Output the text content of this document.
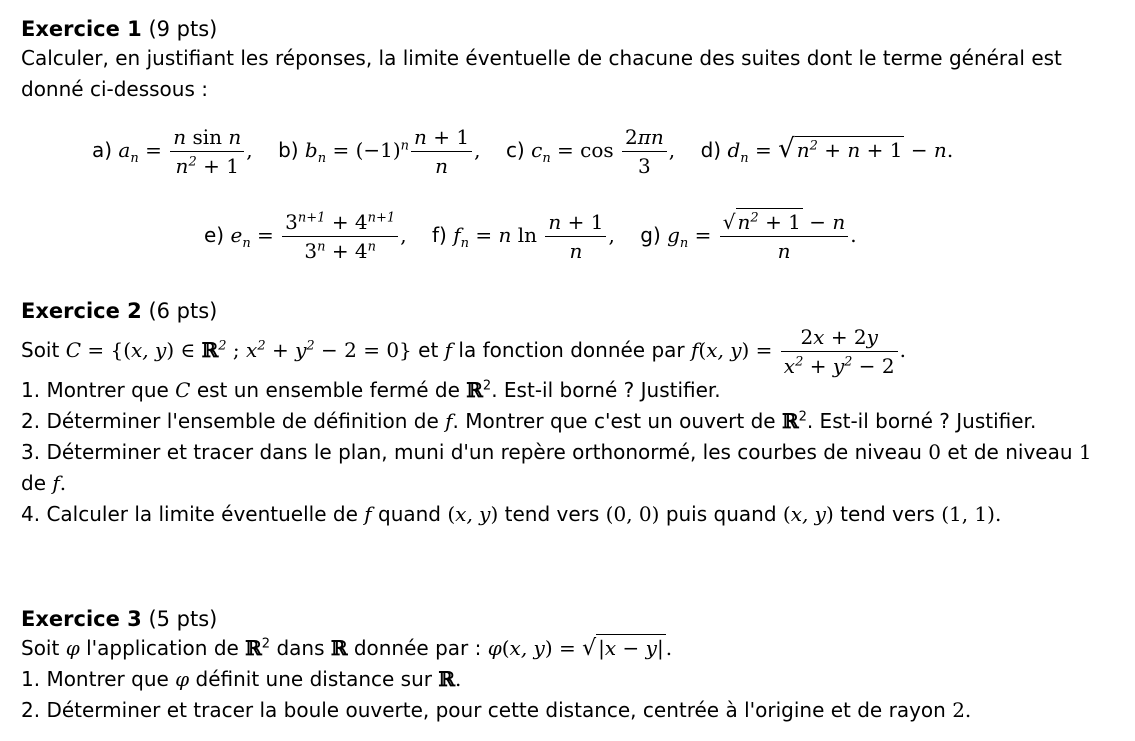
Exercice 1 (9 pts)
Calculer, en justifiant les réponses, la limite éventuelle de chacune des suites dont le terme général est
donné ci-dessous :
a) $a_n = \frac{\text{n sin n}}{n^2 + 1}$ , b) $b_n = (-1)^n \frac{n + 1}{n}$ , c) $c_n = \cos \frac{2\pi n}{3}$ , d) $d_n$ = √ $n^2 + n + 1 - n$.
e) $e_n = \frac{3^{n+1} + 4^{n+1}}{3^n + 4^n}$ , f) $f_n = n$ $\ln \frac{n + 1}{n}$ , g) $g_n = \frac{√ n^2 + 1 - n}{n}$ .
Exercice 2 (6 pts)
Soit C = {(x, y) ∈ ℝ$^2$ ; $x^2 + y^2 - 2 = 0$} et f la fonction donnée par f(x, $y) = \frac{2x + 2y}{x^2 + y^2 - 2}$ .
1. Montrer que C est un ensemble fermé de ℝ$^2$. Est-il borné ? Justifier.
2. Déterminer l'ensemble de définition de f. Montrer que c'est un ouvert de ℝ$^2$. Est-il borné ? Justifier.
3. Déterminer et tracer dans le plan, muni d'un repère orthonormé, les courbes de niveau 0 et de niveau 1
de f.
4. Calculer la limite éventuelle de f quand (x, y) tend vers (0, 0) puis quand (x, y) tend vers (1, 1).
Exercice 3 (5 pts)
Soit φ l'application de ℝ$^2$ dans ℝ donnée par : φ(x, y) = √ |x − y| .
1. Montrer que φ définit une distance sur ℝ.
2. Déterminer et tracer la boule ouverte, pour cette distance, centrée à l'origine et de rayon 2.
